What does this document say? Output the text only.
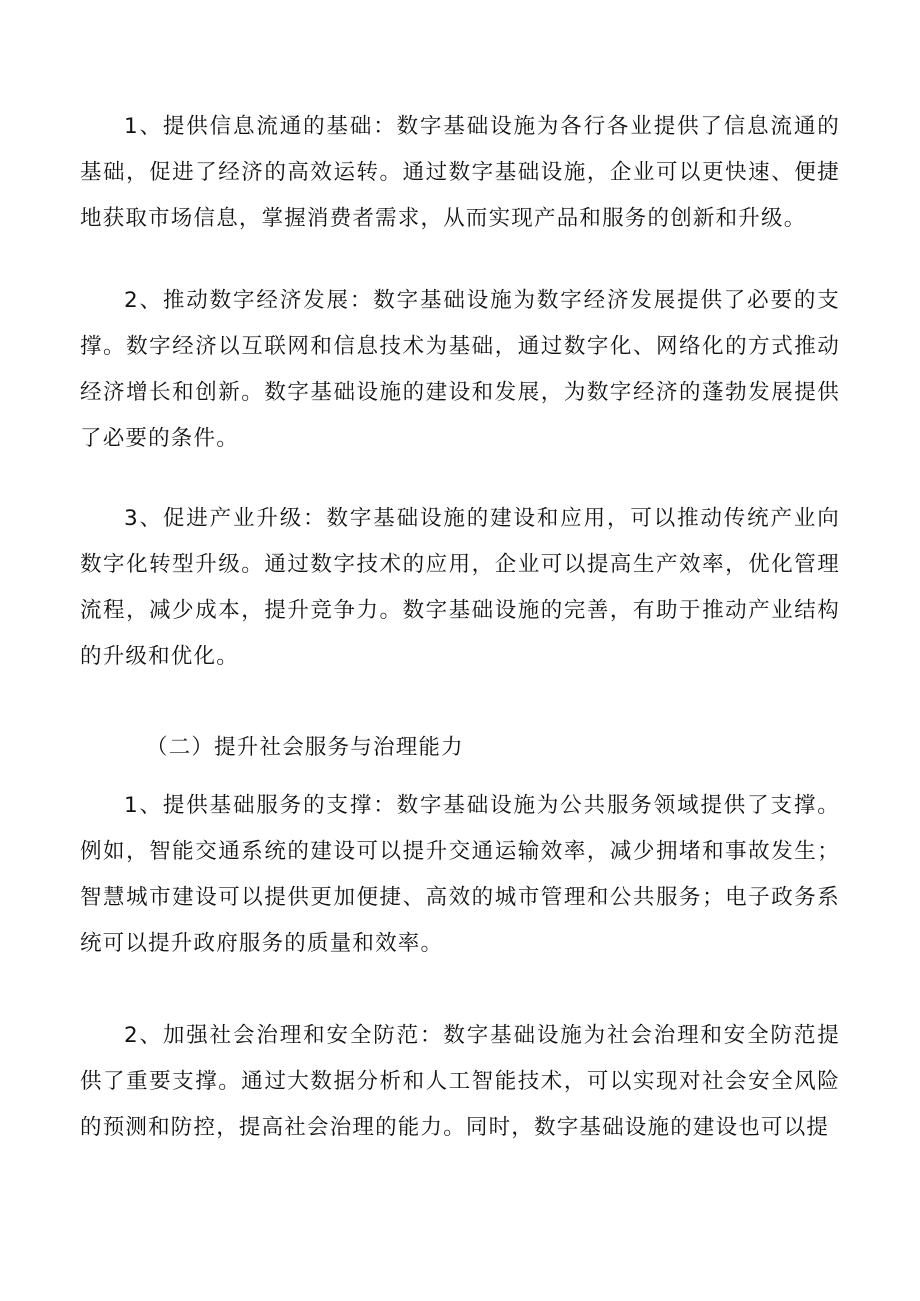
1、提供信息流通的基础：数字基础设施为各行各业提供了信息流通的基础，促进了经济的高效运转。通过数字基础设施，企业可以更快速、便捷地获取市场信息，掌握消费者需求，从而实现产品和服务的创新和升级。

2、推动数字经济发展：数字基础设施为数字经济发展提供了必要的支撑。数字经济以互联网和信息技术为基础，通过数字化、网络化的方式推动经济增长和创新。数字基础设施的建设和发展，为数字经济的蓬勃发展提供了必要的条件。

3、促进产业升级：数字基础设施的建设和应用，可以推动传统产业向数字化转型升级。通过数字技术的应用，企业可以提高生产效率，优化管理流程，减少成本，提升竞争力。数字基础设施的完善，有助于推动产业结构的升级和优化。

（二）提升社会服务与治理能力

1、提供基础服务的支撑：数字基础设施为公共服务领域提供了支撑。例如，智能交通系统的建设可以提升交通运输效率，减少拥堵和事故发生；智慧城市建设可以提供更加便捷、高效的城市管理和公共服务；电子政务系统可以提升政府服务的质量和效率。

2、加强社会治理和安全防范：数字基础设施为社会治理和安全防范提供了重要支撑。通过大数据分析和人工智能技术，可以实现对社会安全风险的预测和防控，提高社会治理的能力。同时，数字基础设施的建设也可以提
